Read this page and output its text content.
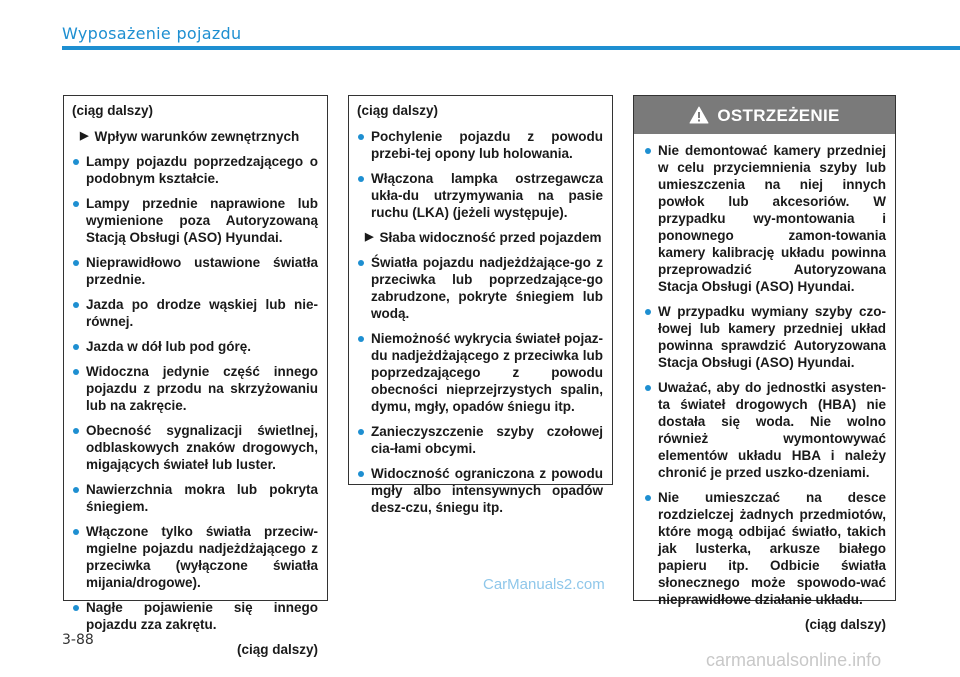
Wyposażenie pojazdu
(ciąg dalszy)
▶ Wpływ warunków zewnętrznych
Lampy pojazdu poprzedzającego o podobnym kształcie.
Lampy przednie naprawione lub wymienione poza Autoryzowaną Stacją Obsługi (ASO) Hyundai.
Nieprawidłowo ustawione światła przednie.
Jazda po drodze wąskiej lub nie-równej.
Jazda w dół lub pod górę.
Widoczna jedynie część innego pojazdu z przodu na skrzyżowaniu lub na zakręcie.
Obecność sygnalizacji świetlnej, odblaskowych znaków drogowych, migających świateł lub luster.
Nawierzchnia mokra lub pokryta śniegiem.
Włączone tylko światła przeciw-mgielne pojazdu nadjeżdżającego z przeciwka (wyłączone światła mijania/drogowe).
Nagłe pojawienie się innego pojazdu zza zakrętu.
(ciąg dalszy)
(ciąg dalszy)
Pochylenie pojazdu z powodu przebi-tej opony lub holowania.
Włączona lampka ostrzegawcza ukła-du utrzymywania na pasie ruchu (LKA) (jeżeli występuje).
▶ Słaba widoczność przed pojazdem
Światła pojazdu nadjeżdżające-go z przeciwka lub poprzedzające-go zabrudzone, pokryte śniegiem lub wodą.
Niemożność wykrycia świateł pojaz-du nadjeżdżającego z przeciwka lub poprzedzającego z powodu obecności nieprzejrzystych spalin, dymu, mgły, opadów śniegu itp.
Zanieczyszczenie szyby czołowej cia-łami obcymi.
Widoczność ograniczona z powodu mgły albo intensywnych opadów desz-czu, śniegu itp.
OSTRZEŻENIE
Nie demontować kamery przedniej w celu przyciemnienia szyby lub umieszczenia na niej innych powłok lub akcesoriów. W przypadku wy-montowania i ponownego zamon-towania kamery kalibrację układu powinna przeprowadzić Autoryzowana Stacja Obsługi (ASO) Hyundai.
W przypadku wymiany szyby czo-łowej lub kamery przedniej układ powinna sprawdzić Autoryzowana Stacja Obsługi (ASO) Hyundai.
Uważać, aby do jednostki asysten-ta świateł drogowych (HBA) nie dostała się woda. Nie wolno również wymontowywać elementów układu HBA i należy chronić je przed uszko-dzeniami.
Nie umieszczać na desce rozdzielczej żadnych przedmiotów, które mogą odbijać światło, takich jak lusterka, arkusze białego papieru itp. Odbicie światła słonecznego może spowodo-wać nieprawidłowe działanie układu.
(ciąg dalszy)
CarManuals2.com
3-88
carmanualsonline.info
